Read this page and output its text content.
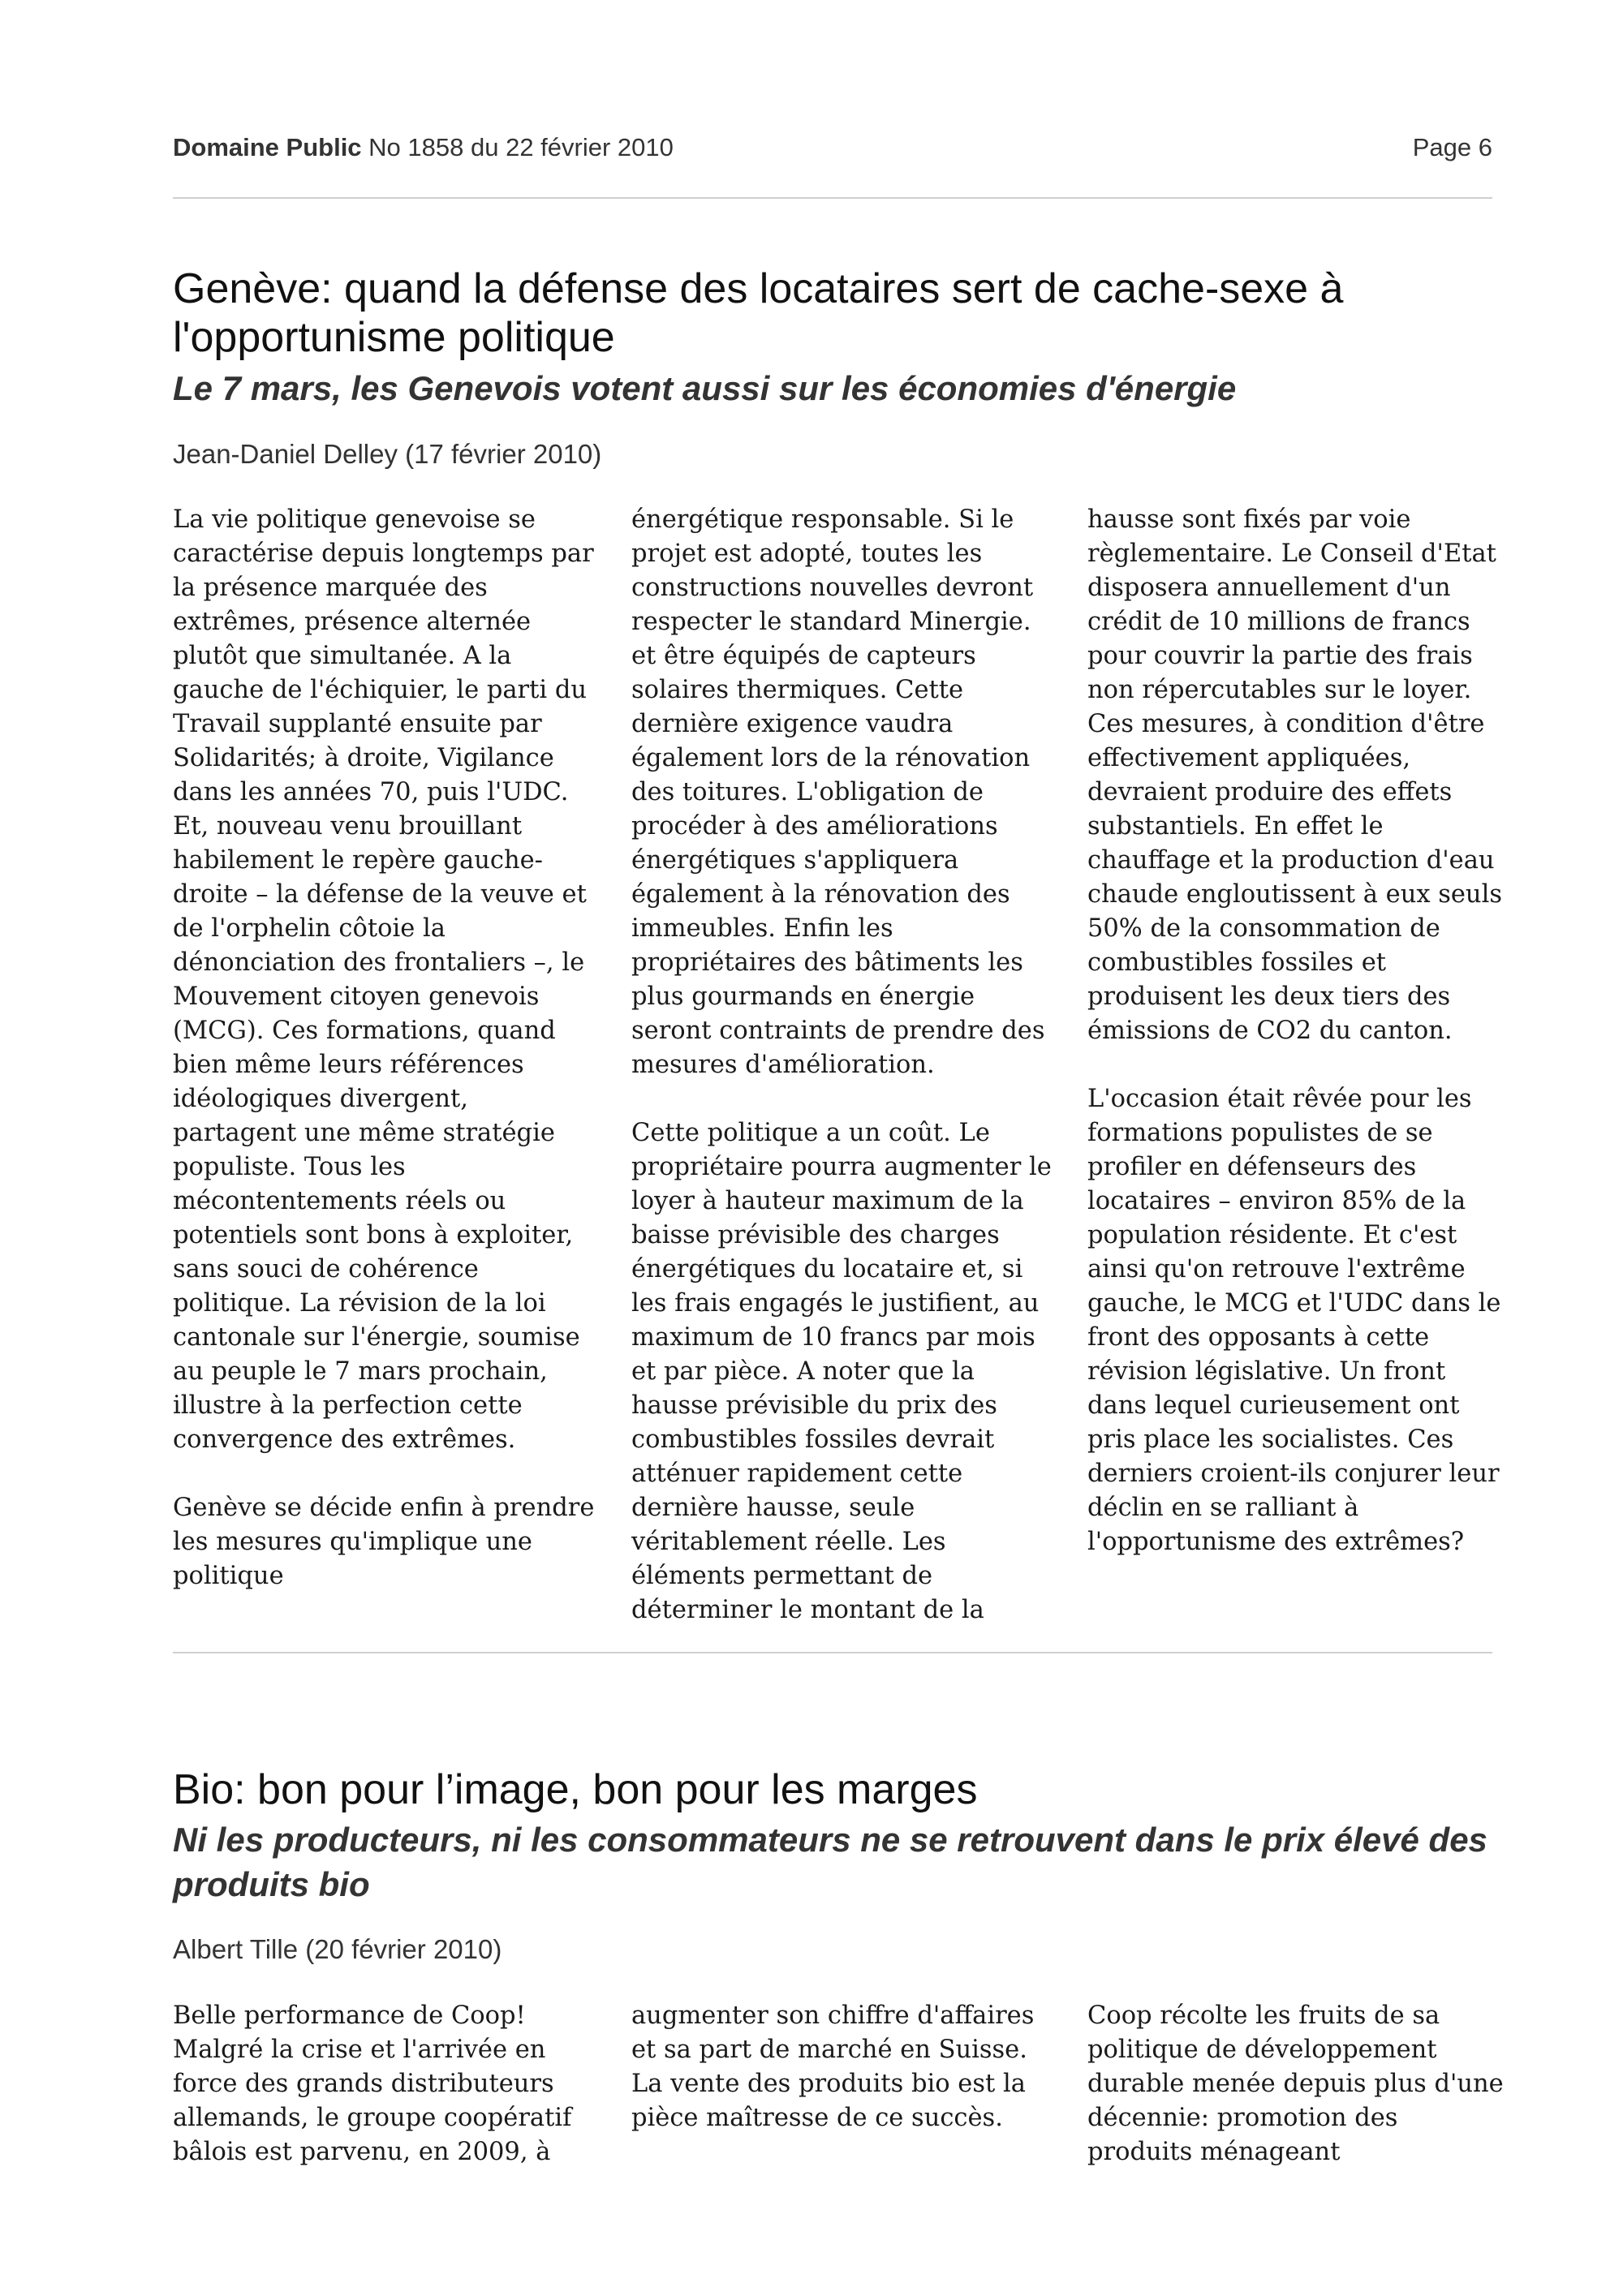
Domaine Public No 1858 du 22 février 2010	Page 6
Genève: quand la défense des locataires sert de cache-sexe à l'opportunisme politique
Le 7 mars, les Genevois votent aussi sur les économies d'énergie
Jean-Daniel Delley (17 février 2010)

La vie politique genevoise se caractérise depuis longtemps par la présence marquée des extrêmes, présence alternée plutôt que simultanée. A la gauche de l'échiquier, le parti du Travail supplanté ensuite par Solidarités; à droite, Vigilance dans les années 70, puis l'UDC. Et, nouveau venu brouillant habilement le repère gauche-droite – la défense de la veuve et de l'orphelin côtoie la dénonciation des frontaliers –, le Mouvement citoyen genevois (MCG). Ces formations, quand bien même leurs références idéologiques divergent, partagent une même stratégie populiste. Tous les mécontentements réels ou potentiels sont bons à exploiter, sans souci de cohérence politique. La révision de la loi cantonale sur l'énergie, soumise au peuple le 7 mars prochain, illustre à la perfection cette convergence des extrêmes.

Genève se décide enfin à prendre les mesures qu'implique une politique

énergétique responsable. Si le projet est adopté, toutes les constructions nouvelles devront respecter le standard Minergie. et être équipés de capteurs solaires thermiques. Cette dernière exigence vaudra également lors de la rénovation des toitures. L'obligation de procéder à des améliorations énergétiques s'appliquera également à la rénovation des immeubles. Enfin les propriétaires des bâtiments les plus gourmands en énergie seront contraints de prendre des mesures d'amélioration.

Cette politique a un coût. Le propriétaire pourra augmenter le loyer à hauteur maximum de la baisse prévisible des charges énergétiques du locataire et, si les frais engagés le justifient, au maximum de 10 francs par mois et par pièce. A noter que la hausse prévisible du prix des combustibles fossiles devrait atténuer rapidement cette dernière hausse, seule véritablement réelle. Les éléments permettant de déterminer le montant de la

hausse sont fixés par voie règlementaire. Le Conseil d'Etat disposera annuellement d'un crédit de 10 millions de francs pour couvrir la partie des frais non répercutables sur le loyer. Ces mesures, à condition d'être effectivement appliquées, devraient produire des effets substantiels. En effet le chauffage et la production d'eau chaude engloutissent à eux seuls 50% de la consommation de combustibles fossiles et produisent les deux tiers des émissions de CO2 du canton.

L'occasion était rêvée pour les formations populistes de se profiler en défenseurs des locataires – environ 85% de la population résidente. Et c'est ainsi qu'on retrouve l'extrême gauche, le MCG et l'UDC dans le front des opposants à cette révision législative. Un front dans lequel curieusement ont pris place les socialistes. Ces derniers croient-ils conjurer leur déclin en se ralliant à l'opportunisme des extrêmes?

Bio: bon pour l’image, bon pour les marges
Ni les producteurs, ni les consommateurs ne se retrouvent dans le prix élevé des produits bio
Albert Tille (20 février 2010)

Belle performance de Coop! Malgré la crise et l'arrivée en force des grands distributeurs allemands, le groupe coopératif bâlois est parvenu, en 2009, à

augmenter son chiffre d'affaires et sa part de marché en Suisse. La vente des produits bio est la pièce maîtresse de ce succès.

Coop récolte les fruits de sa politique de développement durable menée depuis plus d'une décennie: promotion des produits ménageant
